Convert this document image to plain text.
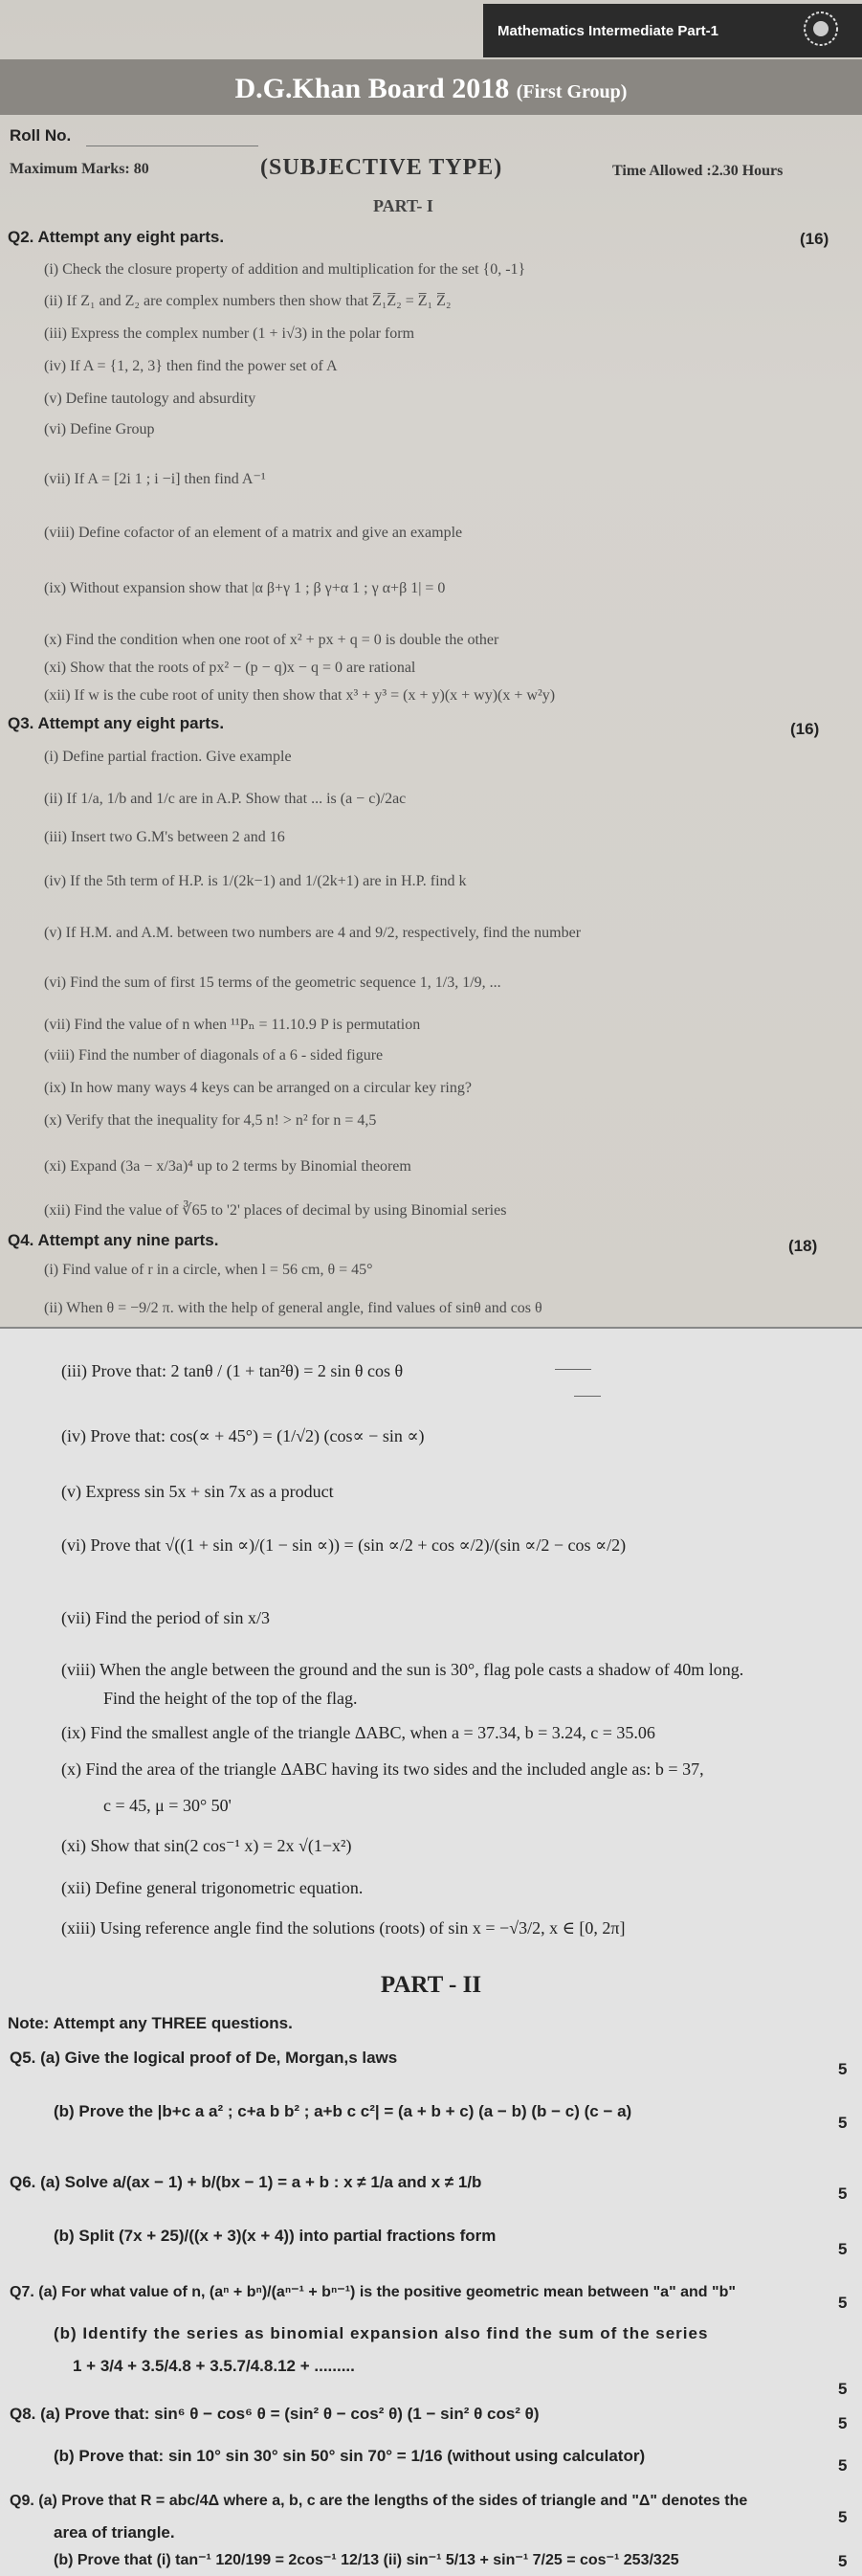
Mathematics Intermediate Part-1
D.G.Khan Board 2018 (First Group)
Roll No.
Maximum Marks: 80	(SUBJECTIVE TYPE)	Time Allowed :2.30 Hours
PART- I
Q2. Attempt any eight parts.	(16)
(i) Check the closure property of addition and multiplication for the set {0, -1}
(ii) If Z₁ and Z₂ are complex numbers then show that Z̅₁Z̅₂ = Z̅₁ Z̅₂
(iii) Express the complex number (1 + i√3) in the polar form
(iv) If A = {1, 2, 3} then find the power set of A
(v) Define tautology and absurdity
(vi) Define Group
(vii) If A = [2i 1 ; i −i] then find A⁻¹
(viii) Define cofactor of an element of a matrix and give an example
(ix) Without expansion show that |α β+γ 1 ; β γ+α 1 ; γ α+β 1| = 0
(x) Find the condition when one root of x² + px + q = 0 is double the other
(xi) Show that the roots of px² − (p − q)x − q = 0 are rational
(xii) If w is the cube root of unity then show that x³ + y³ = (x + y)(x + wy)(x + w²y)
Q3. Attempt any eight parts.	(16)
(i) Define partial fraction. Give example
(ii) If 1/a, 1/b and 1/c are in A.P. Show that ... is (a − c)/2ac
(iii) Insert two G.M's between 2 and 16
(iv) If the 5th term of H.P. is 1/(2k−1) and 1/(2k+1) are in H.P. find k
(v) If H.M. and A.M. between two numbers are 4 and 9/2, respectively, find the number
(vi) Find the sum of first 15 terms of the geometric sequence 1, 1/3, 1/9, ...
(vii) Find the value of n when ¹¹Pₙ = 11.10.9 P is permutation
(viii) Find the number of diagonals of a 6 - sided figure
(ix) In how many ways 4 keys can be arranged on a circular key ring?
(x) Verify that the inequality for 4,5 n! > n² for n = 4,5
(xi) Expand (3a − x/3a)⁴ up to 2 terms by Binomial theorem
(xii) Find the value of ∛65 to '2' places of decimal by using Binomial series
Q4. Attempt any nine parts.	(18)
(i) Find value of r in a circle, when l = 56 cm, θ = 45°
(ii) When θ = −9/2 π. with the help of general angle, find values of sinθ and cos θ
(iii) Prove that: 2 tanθ / (1 + tan²θ) = 2 sin θ cos θ
(iv) Prove that: cos(∝ + 45°) = (1/√2) (cos∝ − sin ∝)
(v) Express sin 5x + sin 7x as a product
(vi) Prove that √((1 + sin ∝)/(1 − sin ∝)) = (sin ∝/2 + cos ∝/2)/(sin ∝/2 − cos ∝/2)
(vii) Find the period of sin x/3
(viii) When the angle between the ground and the sun is 30°, flag pole casts a shadow of 40m long.
Find the height of the top of the flag.
(ix) Find the smallest angle of the triangle ΔABC, when a = 37.34, b = 3.24, c = 35.06
(x) Find the area of the triangle ΔABC having its two sides and the included angle as: b = 37,
c = 45, μ = 30° 50'
(xi) Show that sin(2 cos⁻¹ x) = 2x √(1−x²)
(xii) Define general trigonometric equation.
(xiii) Using reference angle find the solutions (roots) of sin x = −√3/2, x ∈ [0, 2π]
PART - II
Note: Attempt any THREE questions.
Q5. (a) Give the logical proof of De, Morgan,s laws
5
(b) Prove the |b+c a a² ; c+a b b² ; a+b c c²| = (a + b + c) (a − b) (b − c) (c − a)
5
Q6. (a) Solve a/(ax − 1) + b/(bx − 1) = a + b : x ≠ 1/a and x ≠ 1/b
5
(b) Split (7x + 25)/((x + 3)(x + 4)) into partial fractions form
5
Q7. (a) For what value of n, (aⁿ + bⁿ)/(aⁿ⁻¹ + bⁿ⁻¹) is the positive geometric mean between "a" and "b"
5
(b) Identify the series as binomial expansion also find the sum of the series
1 + 3/4 + 3.5/4.8 + 3.5.7/4.8.12 + .........
5
Q8. (a) Prove that: sin⁶ θ − cos⁶ θ = (sin² θ − cos² θ) (1 − sin² θ cos² θ)
5
(b) Prove that: sin 10° sin 30° sin 50° sin 70° = 1/16 (without using calculator)
5
Q9. (a) Prove that R = abc/4Δ where a, b, c are the lengths of the sides of triangle and "Δ" denotes the
area of triangle.
5
(b) Prove that (i) tan⁻¹ 120/199 = 2cos⁻¹ 12/13 (ii) sin⁻¹ 5/13 + sin⁻¹ 7/25 = cos⁻¹ 253/325	5
